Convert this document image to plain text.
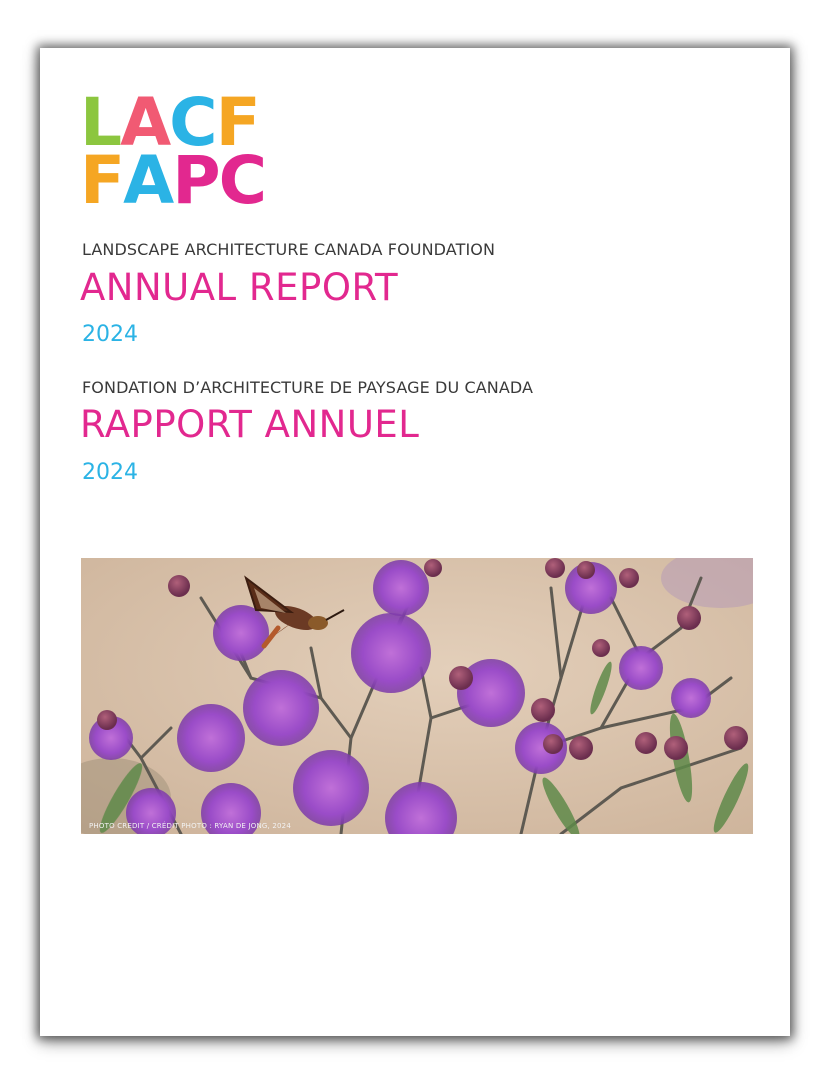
LACF
FAPC
LANDSCAPE ARCHITECTURE CANADA FOUNDATION
ANNUAL REPORT
2024
FONDATION D’ARCHITECTURE DE PAYSAGE DU CANADA
RAPPORT ANNUEL
2024
PHOTO CREDIT / CRÉDIT PHOTO : RYAN DE JONG, 2024
